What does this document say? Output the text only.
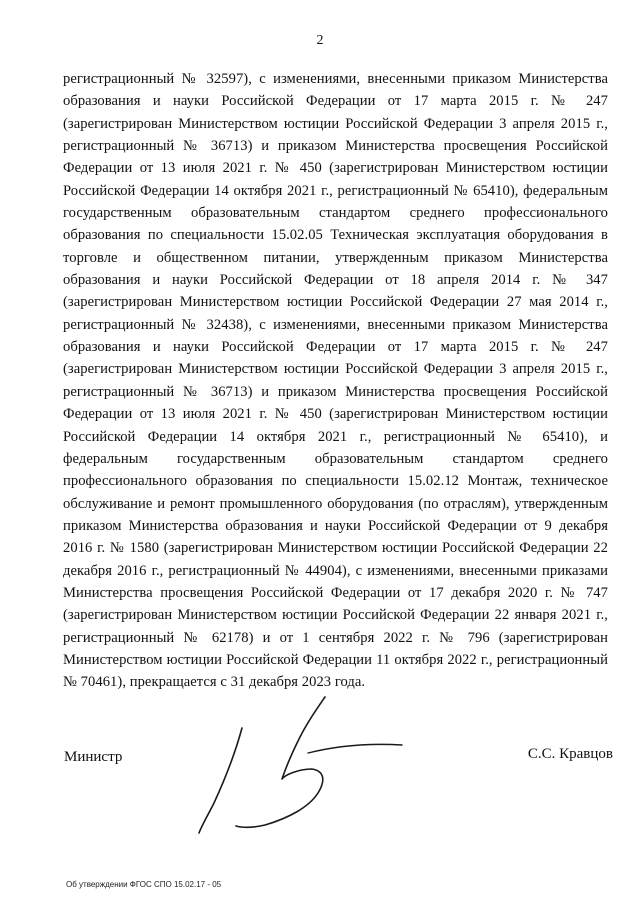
2

регистрационный № 32597), с изменениями, внесенными приказом Министерства образования и науки Российской Федерации от 17 марта 2015 г. № 247 (зарегистрирован Министерством юстиции Российской Федерации 3 апреля 2015 г., регистрационный № 36713) и приказом Министерства просвещения Российской Федерации от 13 июля 2021 г. № 450 (зарегистрирован Министерством юстиции Российской Федерации 14 октября 2021 г., регистрационный № 65410), федеральным государственным образовательным стандартом среднего профессионального образования по специальности 15.02.05 Техническая эксплуатация оборудования в торговле и общественном питании, утвержденным приказом Министерства образования и науки Российской Федерации от 18 апреля 2014 г. № 347 (зарегистрирован Министерством юстиции Российской Федерации 27 мая 2014 г., регистрационный № 32438), с изменениями, внесенными приказом Министерства образования и науки Российской Федерации от 17 марта 2015 г. № 247 (зарегистрирован Министерством юстиции Российской Федерации 3 апреля 2015 г., регистрационный № 36713) и приказом Министерства просвещения Российской Федерации от 13 июля 2021 г. № 450 (зарегистрирован Министерством юстиции Российской Федерации 14 октября 2021 г., регистрационный № 65410), и федеральным государственным образовательным стандартом среднего профессионального образования по специальности 15.02.12 Монтаж, техническое обслуживание и ремонт промышленного оборудования (по отраслям), утвержденным приказом Министерства образования и науки Российской Федерации от 9 декабря 2016 г. № 1580 (зарегистрирован Министерством юстиции Российской Федерации 22 декабря 2016 г., регистрационный № 44904), с изменениями, внесенными приказами Министерства просвещения Российской Федерации от 17 декабря 2020 г. № 747 (зарегистрирован Министерством юстиции Российской Федерации 22 января 2021 г., регистрационный № 62178) и от 1 сентября 2022 г. № 796 (зарегистрирован Министерством юстиции Российской Федерации 11 октября 2022 г., регистрационный № 70461), прекращается с 31 декабря 2023 года.

Министр	С.С. Кравцов
Об утверждении ФГОС СПО 15.02.17 - 05
